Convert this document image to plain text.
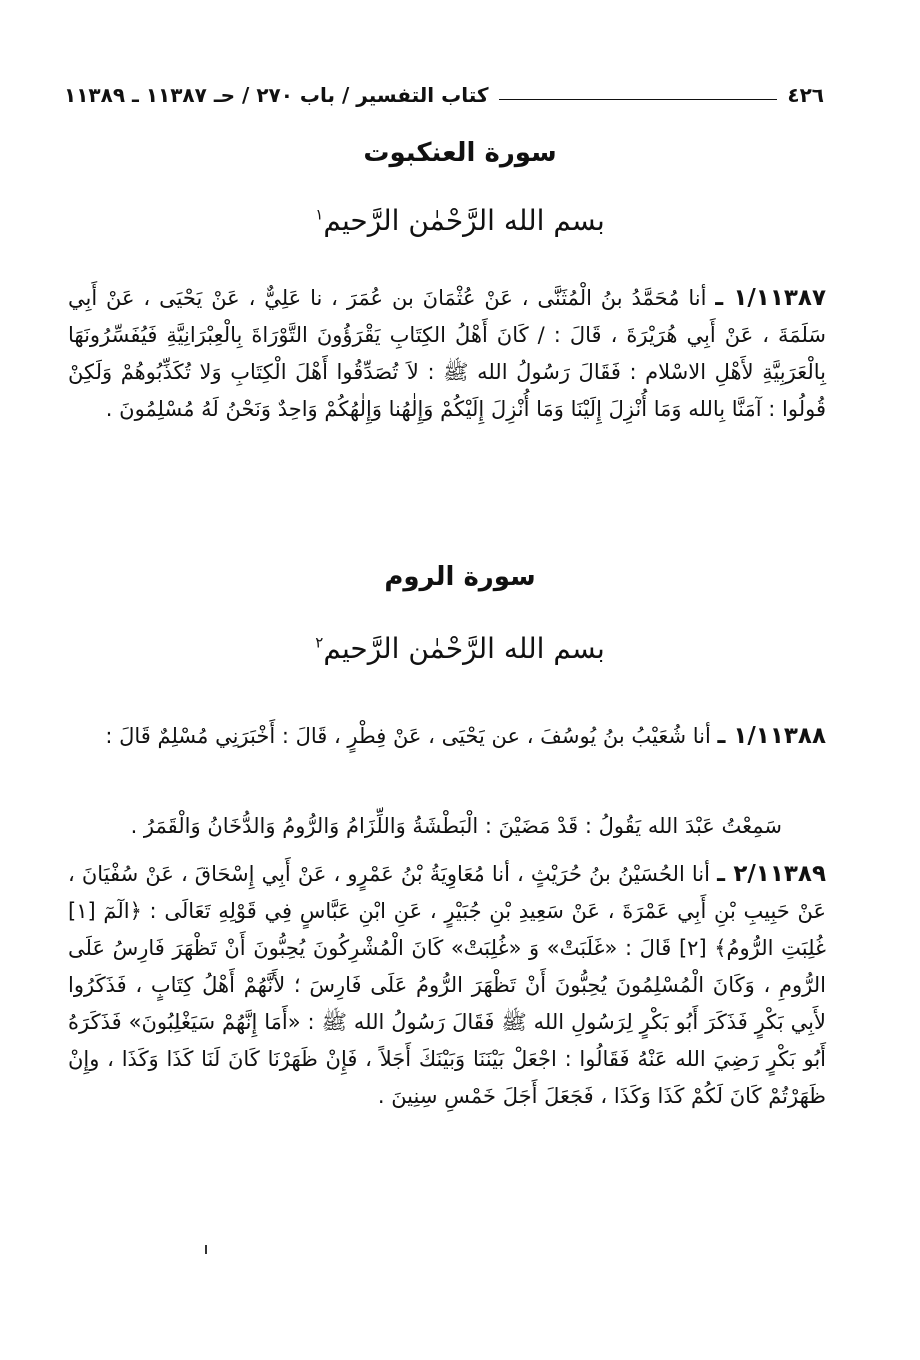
٤٢٦
كتاب التفسير / باب ٢٧٠ / حـ ١١٣٨٧ ـ ١١٣٨٩
سورة العنكبوت
بسم الله الرَّحْمٰن الرَّحيم$^١$
١/١١٣٨٧ ـ أنا مُحَمَّدُ بنُ الْمُثَنَّى ، عَنْ عُثْمَانَ بن عُمَرَ ، نا عَلِيٌّ ، عَنْ يَحْيَى ، عَنْ أَبِي سَلَمَةَ ، عَنْ أَبِي هُرَيْرَةَ ، قَالَ : / كَانَ أَهْلُ الكِتَابِ يَقْرَؤُونَ التَّوْرَاةَ بِالْعِبْرَانِيَّةِ فَيُفَسِّرُونَهَا بِالْعَرَبِيَّةِ لأَهْلِ الاسْلام : فَقَالَ رَسُولُ الله ﷺ : لاَ تُصَدِّقُوا أَهْلَ الْكِتَابِ وَلا تُكَذِّبُوهُمْ وَلَكِنْ قُولُوا : آمَنَّا بِالله وَمَا أُنْزِلَ إِلَيْنَا وَمَا أُنْزِلَ إِلَيْكُمْ وَإِلٰهُنا وَإِلٰهُكُمْ وَاحِدٌ وَنَحْنُ لَهُ مُسْلِمُونَ .
سورة الروم
بسم الله الرَّحْمٰن الرَّحيم$^٢$
١/١١٣٨٨ ـ أنا شُعَيْبُ بنُ يُوسُفَ ، عن يَحْيَى ، عَنْ فِطْرٍ ، قَالَ : أَخْبَرَنِي مُسْلِمٌ قَالَ :
سَمِعْتُ عَبْدَ الله يَقُولُ : قَدْ مَضَيْنَ : الْبَطْشَةُ وَاللِّزَامُ وَالرُّومُ وَالدُّخَانُ وَالْقَمَرُ .
٢/١١٣٨٩ ـ أنا الحُسَيْنُ بنُ حُرَيْثٍ ، أنا مُعَاوِيَةُ بْنُ عَمْرٍو ، عَنْ أَبِي إِسْحَاقَ ، عَنْ سُفْيَانَ ، عَنْ حَبِيبِ بْنِ أَبِي عَمْرَةَ ، عَنْ سَعِيدِ بْنِ جُبَيْرٍ ، عَنِ ابْنِ عَبَّاسٍ فِي قَوْلِهِ تَعَالَى : ﴿الٓمٓ [١] غُلِبَتِ الرُّومُ﴾ [٢] قَالَ : «غَلَبَتْ» وَ «غُلِبَتْ» كَانَ الْمُشْرِكُونَ يُحِبُّونَ أَنْ تَظْهَرَ فَارِسُ عَلَى الرُّومِ ، وَكَانَ الْمُسْلِمُونَ يُحِبُّونَ أَنْ تَظْهَرَ الرُّومُ عَلَى فَارِسَ ؛ لأَنَّهُمْ أَهْلُ كِتَابٍ ، فَذَكَرُوا لأَبِي بَكْرٍ فَذَكَرَ أَبُو بَكْرٍ لِرَسُولِ الله ﷺ فَقَالَ رَسُولُ الله ﷺ : «أَمَا إِنَّهُمْ سَيَغْلِبُونَ» فَذَكَرَهُ أَبُو بَكْرٍ رَضِيَ الله عَنْهُ فَقَالُوا : اجْعَلْ بَيْنَنَا وَبَيْنَكَ أَجَلاً ، فَإِنْ ظَهَرْنَا كَانَ لَنَا كَذَا وَكَذَا ، وإِنْ ظَهَرْتُمْ كَانَ لَكُمْ كَذَا وَكَذَا ، فَجَعَلَ أَجَلَ خَمْسِ سِنِينَ .
